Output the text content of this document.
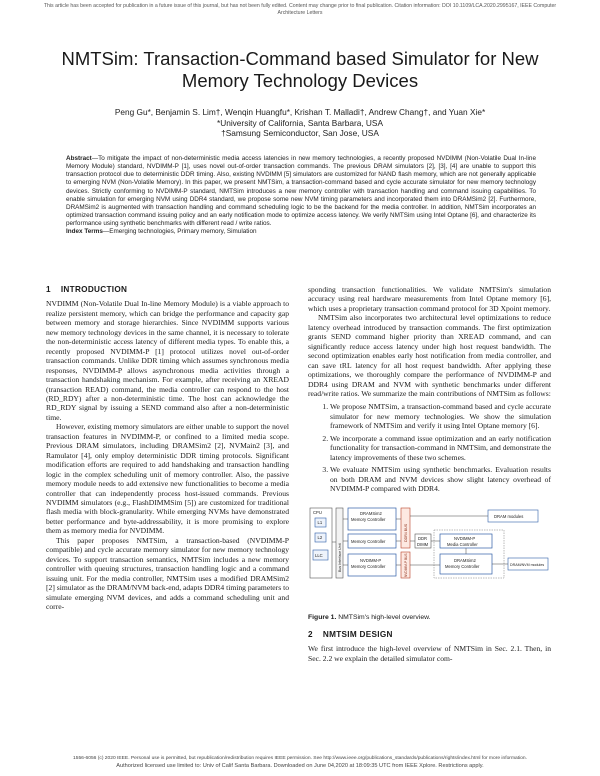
This article has been accepted for publication in a future issue of this journal, but has not been fully edited. Content may change prior to final publication. Citation information: DOI 10.1109/LCA.2020.2995167, IEEE Computer
Architecture Letters
NMTSim: Transaction-Command based Simulator for New
Memory Technology Devices
Peng Gu*, Benjamin S. Lim†, Wenqin Huangfu*, Krishan T. Malladi†, Andrew Chang†, and Yuan Xie*
*University of California, Santa Barbara, USA
†Samsung Semiconductor, San Jose, USA
Abstract—To mitigate the impact of non-deterministic media access latencies in new memory technologies, a recently proposed NVDIMM (Non-Volatile Dual In-line Memory Module) standard, NVDIMM-P [1], uses novel out-of-order transaction commands. The previous DRAM simulators [2], [3], [4] are unable to support this transaction protocol due to deterministic DDR timing. Also, existing NVDIMM [5] simulators are customized for NAND flash memory, which are not generally applicable to emerging NVM (Non-Volatile Memory). In this paper, we present NMTSim, a transaction-command based and cycle accurate simulator for new memory technology devices. Strictly conforming to NVDIMM-P standard, NMTSim introduces a new memory controller with transaction handling and command issuing capabilities. To enable simulation for emerging NVM using DDR4 standard, we propose some new NVM timing parameters and incorporated them into DRAMSim2 [2]. Furthermore, DRAMSim2 is augmented with transaction handling and command scheduling logic to be the backend for the media controller. In addition, NMTSim incorporates an optimized transaction command issuing policy and an early notification mode to optimize access latency. We verify NMTSim using Intel Optane [6], and characterize its performance using synthetic benchmarks with different read / write ratios.
Index Terms—Emerging technologies, Primary memory, Simulation
1 INTRODUCTION

NVDIMM (Non-Volatile Dual In-line Memory Module) is a viable approach to realize persistent memory, which can bridge the performance and capacity gap between memory and storage hierarchies. Since NVDIMM supports various new memory technology devices in the same channel, it is necessary to tolerate the non-deterministic access latency of different media types. To enable this, a recently proposed NVDIMM-P [1] protocol utilizes novel out-of-order transaction commands. Unlike DDR timing which assumes synchronous media responses, NVDIMM-P allows asynchronous media activities through a transaction handshaking mechanism. For example, after receiving an XREAD (transaction READ) command, the media controller can respond to the host (RD_RDY) after a non-deterministic time. The host can acknowledge the RD_RDY signal by issuing a SEND command also after a non-deterministic time.

However, existing memory simulators are either unable to support the novel transaction features in NVDIMM-P, or confined to a limited media scope. Previous DRAM simulators, including DRAMSim2 [2], NVMain2 [3], and Ramulator [4], only employ deterministic DDR timing protocols. Significant modification efforts are required to add handshaking and transaction handling logic in the complex scheduling unit of memory controller. Also, the passive memory module needs to add extensive new functionalities to become a media controller that can independently process host-issued commands. Previous NVDIMM simulators (e.g., FlashDIMMSim [5]) are customized for traditional flash media with block-granularity. While emerging NVMs have demonstrated better performance and byte-addressability, it is more promising to explore them as memory media for NVDIMM.

This paper proposes NMTSim, a transaction-based (NVDIMM-P compatible) and cycle accurate memory simulator for new memory technology devices. To support transaction semantics, NMTSim includes a new memory controller with queuing structures, transaction handling logic and a command issuing unit. For the media controller, NMTSim uses a modified DRAMSim2 [2] simulator as the DRAM/NVM back-end, adapts DDR4 timing parameters to simulate emerging NVM devices, and adds a command scheduling unit and corre-

sponding transaction functionalities. We validate NMTSim's simulation accuracy using real hardware measurements from Intel Optane memory [6], which uses a proprietary transaction command protocol for 3D Xpoint memory.

NMTSim also incorporates two architectural level optimizations to reduce latency overhead introduced by transaction commands. The first optimization grants SEND command higher priority than XREAD command, and can significantly reduce access latency under high host request bandwidth. The second optimization enables early host notification from media controller, and can save tRL latency for all host request bandwidth. After applying these optimizations, we thoroughly compare the performance of NVDIMM-P and DDR4 using DRAM and NVM with synthetic benchmarks under different read/write ratios. We summarize the main contributions of NMTSim as follows:

1. We propose NMTSim, a transaction-command based and cycle accurate simulator for new memory technologies. We show the simulation framework of NMTSim and verify it using Intel Optane memory [6].
2. We incorporate a command issue optimization and an early notification functionality for transaction-command in NMTSim, and demonstrate the latency improvements of these two schemes.
3. We evaluate NMTSim using synthetic benchmarks. Evaluation results on both DRAM and NVM devices show slight latency overhead of NVDIMM-P compared with DDR4.
CPU
L1
L2
LLC	Bus Interface Unit
DRAMSim2
Memory Controller
Memory Controller
NVDIMM-P
Memory Controller
DDR4 BUS
NVDIMM-P BUS
DDR
DIMM
DRAM modules
NVDIMM-P
Media Controller
DRAMSim2
Memory Controller	DRAM/NVM modules
Figure 1. NMTSim's high-level overview.
2 NMTSIM DESIGN

We first introduce the high-level overview of NMTSim in Sec. 2.1. Then, in Sec. 2.2 we explain the detailed simulator com-

1556-6056 (c) 2020 IEEE. Personal use is permitted, but republication/redistribution requires IEEE permission. See http://www.ieee.org/publications_standards/publications/rights/index.html for more information.
Authorized licensed use limited to: Univ of Calif Santa Barbara. Downloaded on June 04,2020 at 18:09:35 UTC from IEEE Xplore. Restrictions apply.
